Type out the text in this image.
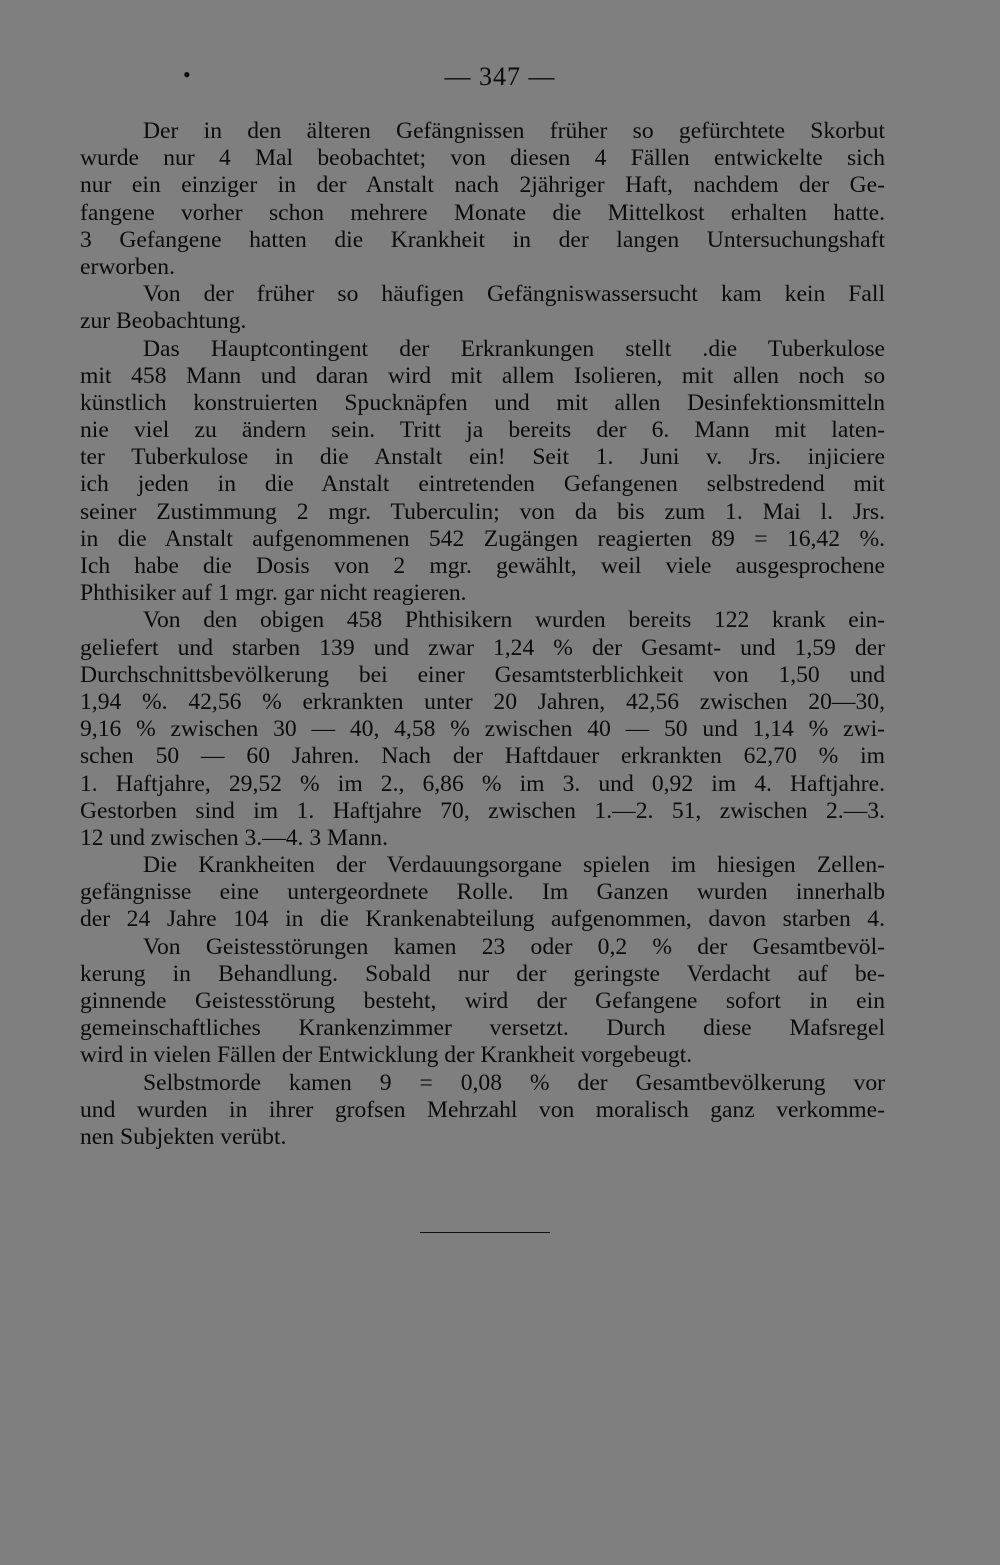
•	— 347 —
Der in den älteren Gefängnissen früher so gefürchtete Skorbut
wurde nur 4 Mal beobachtet; von diesen 4 Fällen entwickelte sich
nur ein einziger in der Anstalt nach 2jähriger Haft, nachdem der Ge-
fangene vorher schon mehrere Monate die Mittelkost erhalten hatte.
3 Gefangene hatten die Krankheit in der langen Untersuchungshaft
erworben.
Von der früher so häufigen Gefängniswassersucht kam kein Fall
zur Beobachtung.
Das Hauptcontingent der Erkrankungen stellt .die Tuberkulose
mit 458 Mann und daran wird mit allem Isolieren, mit allen noch so
künstlich konstruierten Spucknäpfen und mit allen Desinfektionsmitteln
nie viel zu ändern sein. Tritt ja bereits der 6. Mann mit laten-
ter Tuberkulose in die Anstalt ein! Seit 1. Juni v. Jrs. injiciere
ich jeden in die Anstalt eintretenden Gefangenen selbstredend mit
seiner Zustimmung 2 mgr. Tuberculin; von da bis zum 1. Mai l. Jrs.
in die Anstalt aufgenommenen 542 Zugängen reagierten 89 = 16,42 %.
Ich habe die Dosis von 2 mgr. gewählt, weil viele ausgesprochene
Phthisiker auf 1 mgr. gar nicht reagieren.
Von den obigen 458 Phthisikern wurden bereits 122 krank ein-
geliefert und starben 139 und zwar 1,24 % der Gesamt- und 1,59 der
Durchschnittsbevölkerung bei einer Gesamtsterblichkeit von 1,50 und
1,94 %. 42,56 % erkrankten unter 20 Jahren, 42,56 zwischen 20—30,
9,16 % zwischen 30 — 40, 4,58 % zwischen 40 — 50 und 1,14 % zwi-
schen 50 — 60 Jahren. Nach der Haftdauer erkrankten 62,70 % im
1. Haftjahre, 29,52 % im 2., 6,86 % im 3. und 0,92 im 4. Haftjahre.
Gestorben sind im 1. Haftjahre 70, zwischen 1.—2. 51, zwischen 2.—3.
12 und zwischen 3.—4. 3 Mann.
Die Krankheiten der Verdauungsorgane spielen im hiesigen Zellen-
gefängnisse eine untergeordnete Rolle. Im Ganzen wurden innerhalb
der 24 Jahre 104 in die Krankenabteilung aufgenommen, davon starben 4.
Von Geistesstörungen kamen 23 oder 0,2 % der Gesamtbevöl-
kerung in Behandlung. Sobald nur der geringste Verdacht auf be-
ginnende Geistesstörung besteht, wird der Gefangene sofort in ein
gemeinschaftliches Krankenzimmer versetzt. Durch diese Mafsregel
wird in vielen Fällen der Entwicklung der Krankheit vorgebeugt.
Selbstmorde kamen 9 = 0,08 % der Gesamtbevölkerung vor
und wurden in ihrer grofsen Mehrzahl von moralisch ganz verkomme-
nen Subjekten verübt.
